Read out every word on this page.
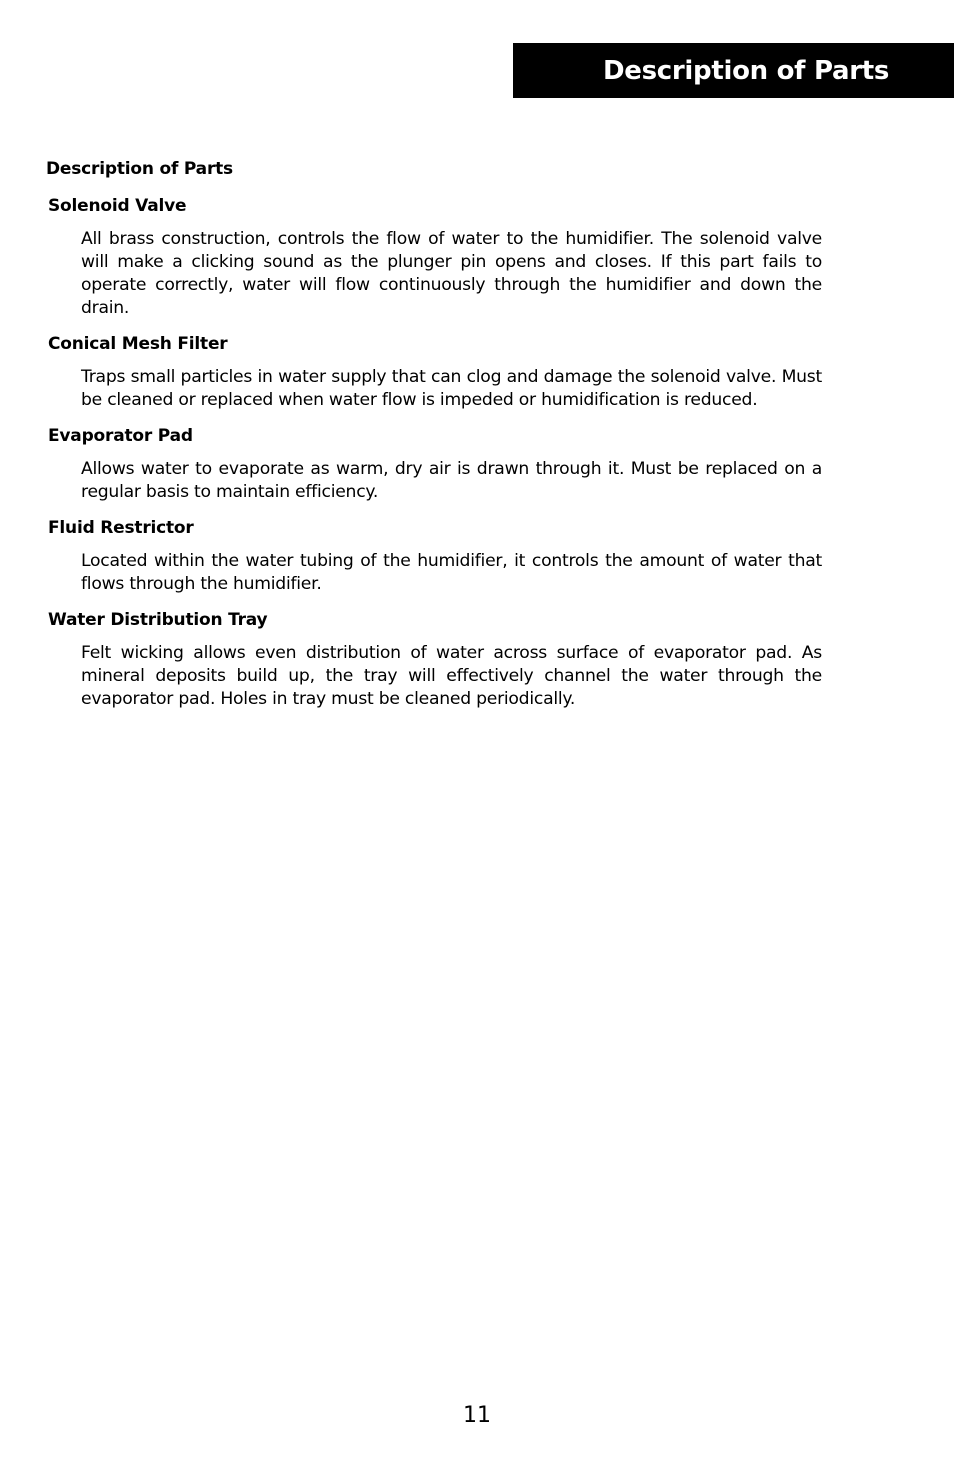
Description of Parts
Description of Parts
Solenoid Valve
All brass construction, controls the flow of water to the humidifier. The solenoid valve will make a clicking sound as the plunger pin opens and closes. If this part fails to operate correctly, water will flow continuously through the humidifier and down the drain.
Conical Mesh Filter
Traps small particles in water supply that can clog and damage the solenoid valve. Must be cleaned or replaced when water flow is impeded or humidification is reduced.
Evaporator Pad
Allows water to evaporate as warm, dry air is drawn through it. Must be replaced on a regular basis to maintain efficiency.
Fluid Restrictor
Located within the water tubing of the humidifier, it controls the amount of water that flows through the humidifier.
Water Distribution Tray
Felt wicking allows even distribution of water across surface of evaporator pad. As mineral deposits build up, the tray will effectively channel the water through the evaporator pad. Holes in tray must be cleaned periodically.
11
